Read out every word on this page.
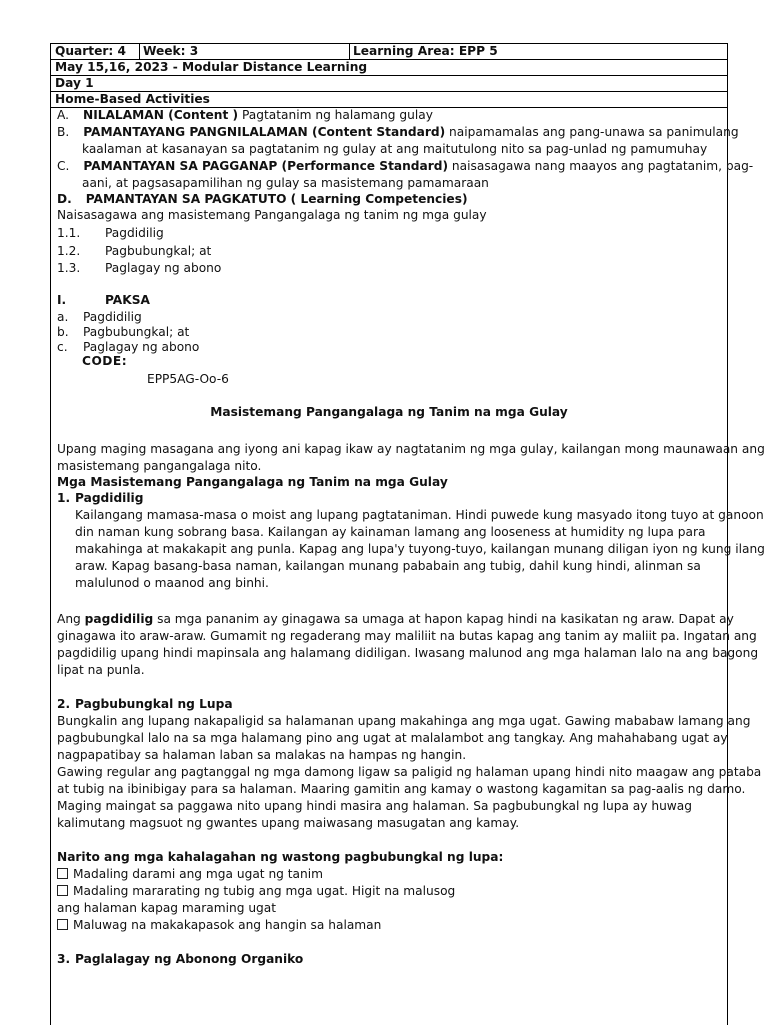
Quarter: 4	Week: 3	Learning Area: EPP 5
May 15,16, 2023 - Modular Distance Learning
Day 1
Home-Based Activities
A. NILALAMAN (Content ) Pagtatanim ng halamang gulay
B. PAMANTAYANG PANGNILALAMAN (Content Standard) naipamamalas ang pang-unawa sa panimulang
kaalaman at kasanayan sa pagtatanim ng gulay at ang maitutulong nito sa pag-unlad ng pamumuhay
C. PAMANTAYAN SA PAGGANAP (Performance Standard) naisasagawa nang maayos ang pagtatanim, pag-
aani, at pagsasapamilihan ng gulay sa masistemang pamamaraan
D. PAMANTAYAN SA PAGKATUTO ( Learning Competencies)
Naisasagawa ang masistemang Pangangalaga ng tanim ng mga gulay
1.1. Pagdidilig
1.2. Pagbubungkal; at
1.3. Paglagay ng abono
I.	PAKSA
a. Pagdidilig
b. Pagbubungkal; at
c. Paglagay ng abono
CODE:
EPP5AG-Oo-6
Masistemang Pangangalaga ng Tanim na mga Gulay
Upang maging masagana ang iyong ani kapag ikaw ay nagtatanim ng mga gulay, kailangan mong maunawaan ang
masistemang pangangalaga nito.
Mga Masistemang Pangangalaga ng Tanim na mga Gulay
1. Pagdidilig
Kailangang mamasa-masa o moist ang lupang pagtataniman. Hindi puwede kung masyado itong tuyo at ganoon
din naman kung sobrang basa. Kailangan ay kainaman lamang ang looseness at humidity ng lupa para
makahinga at makakapit ang punla. Kapag ang lupa'y tuyong-tuyo, kailangan munang diligan iyon ng kung ilang
araw. Kapag basang-basa naman, kailangan munang pababain ang tubig, dahil kung hindi, alinman sa
malulunod o maanod ang binhi.
Ang pagdidilig sa mga pananim ay ginagawa sa umaga at hapon kapag hindi na kasikatan ng araw. Dapat ay
ginagawa ito araw-araw. Gumamit ng regaderang may maliliit na butas kapag ang tanim ay maliit pa. Ingatan ang
pagdidilig upang hindi mapinsala ang halamang didiligan. Iwasang malunod ang mga halaman lalo na ang bagong
lipat na punla.
2. Pagbubungkal ng Lupa
Bungkalin ang lupang nakapaligid sa halamanan upang makahinga ang mga ugat. Gawing mababaw lamang ang
pagbubungkal lalo na sa mga halamang pino ang ugat at malalambot ang tangkay. Ang mahahabang ugat ay
nagpapatibay sa halaman laban sa malakas na hampas ng hangin.
Gawing regular ang pagtanggal ng mga damong ligaw sa paligid ng halaman upang hindi nito maagaw ang pataba
at tubig na ibinibigay para sa halaman. Maaring gamitin ang kamay o wastong kagamitan sa pag-aalis ng damo.
Maging maingat sa paggawa nito upang hindi masira ang halaman. Sa pagbubungkal ng lupa ay huwag
kalimutang magsuot ng gwantes upang maiwasang masugatan ang kamay.
Narito ang mga kahalagahan ng wastong pagbubungkal ng lupa:
Madaling darami ang mga ugat ng tanim
Madaling mararating ng tubig ang mga ugat. Higit na malusog
ang halaman kapag maraming ugat
Maluwag na makakapasok ang hangin sa halaman
3. Paglalagay ng Abonong Organiko
